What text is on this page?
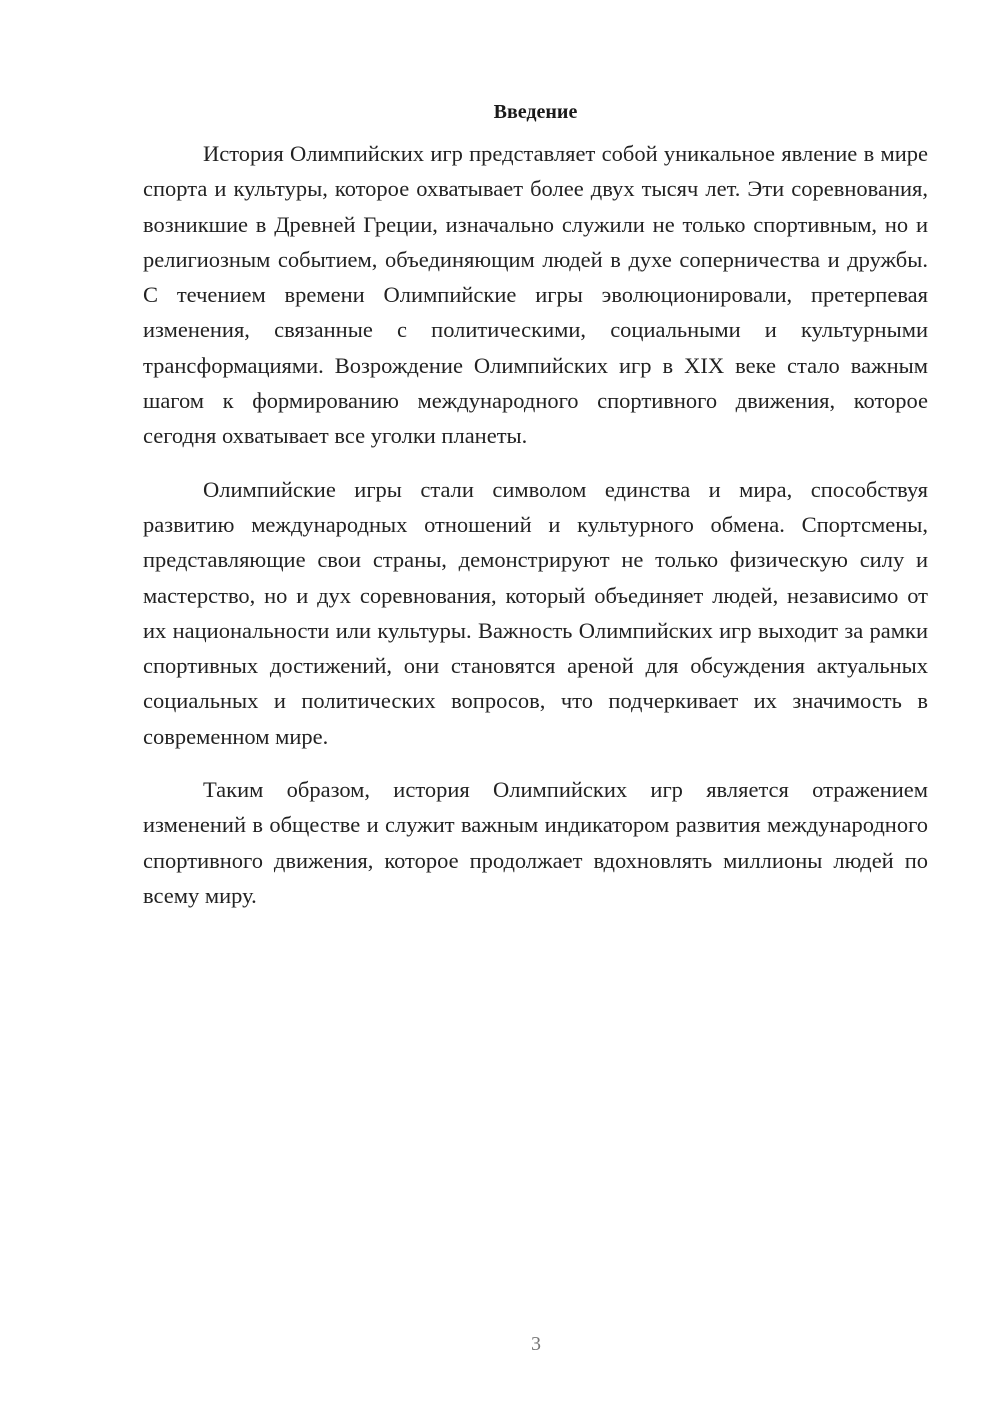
Введение

История Олимпийских игр представляет собой уникальное явление в мире спорта и культуры, которое охватывает более двух тысяч лет. Эти соревнования, возникшие в Древней Греции, изначально служили не только спортивным, но и религиозным событием, объединяющим людей в духе соперничества и дружбы. С течением времени Олимпийские игры эволюционировали, претерпевая изменения, связанные с политическими, социальными и культурными трансформациями. Возрождение Олимпийских игр в XIX веке стало важным шагом к формированию международного спортивного движения, которое сегодня охватывает все уголки планеты.

Олимпийские игры стали символом единства и мира, способствуя развитию международных отношений и культурного обмена. Спортсмены, представляющие свои страны, демонстрируют не только физическую силу и мастерство, но и дух соревнования, который объединяет людей, независимо от их национальности или культуры. Важность Олимпийских игр выходит за рамки спортивных достижений, они становятся ареной для обсуждения актуальных социальных и политических вопросов, что подчеркивает их значимость в современном мире.

Таким образом, история Олимпийских игр является отражением изменений в обществе и служит важным индикатором развития международного спортивного движения, которое продолжает вдохновлять миллионы людей по всему миру.

3
